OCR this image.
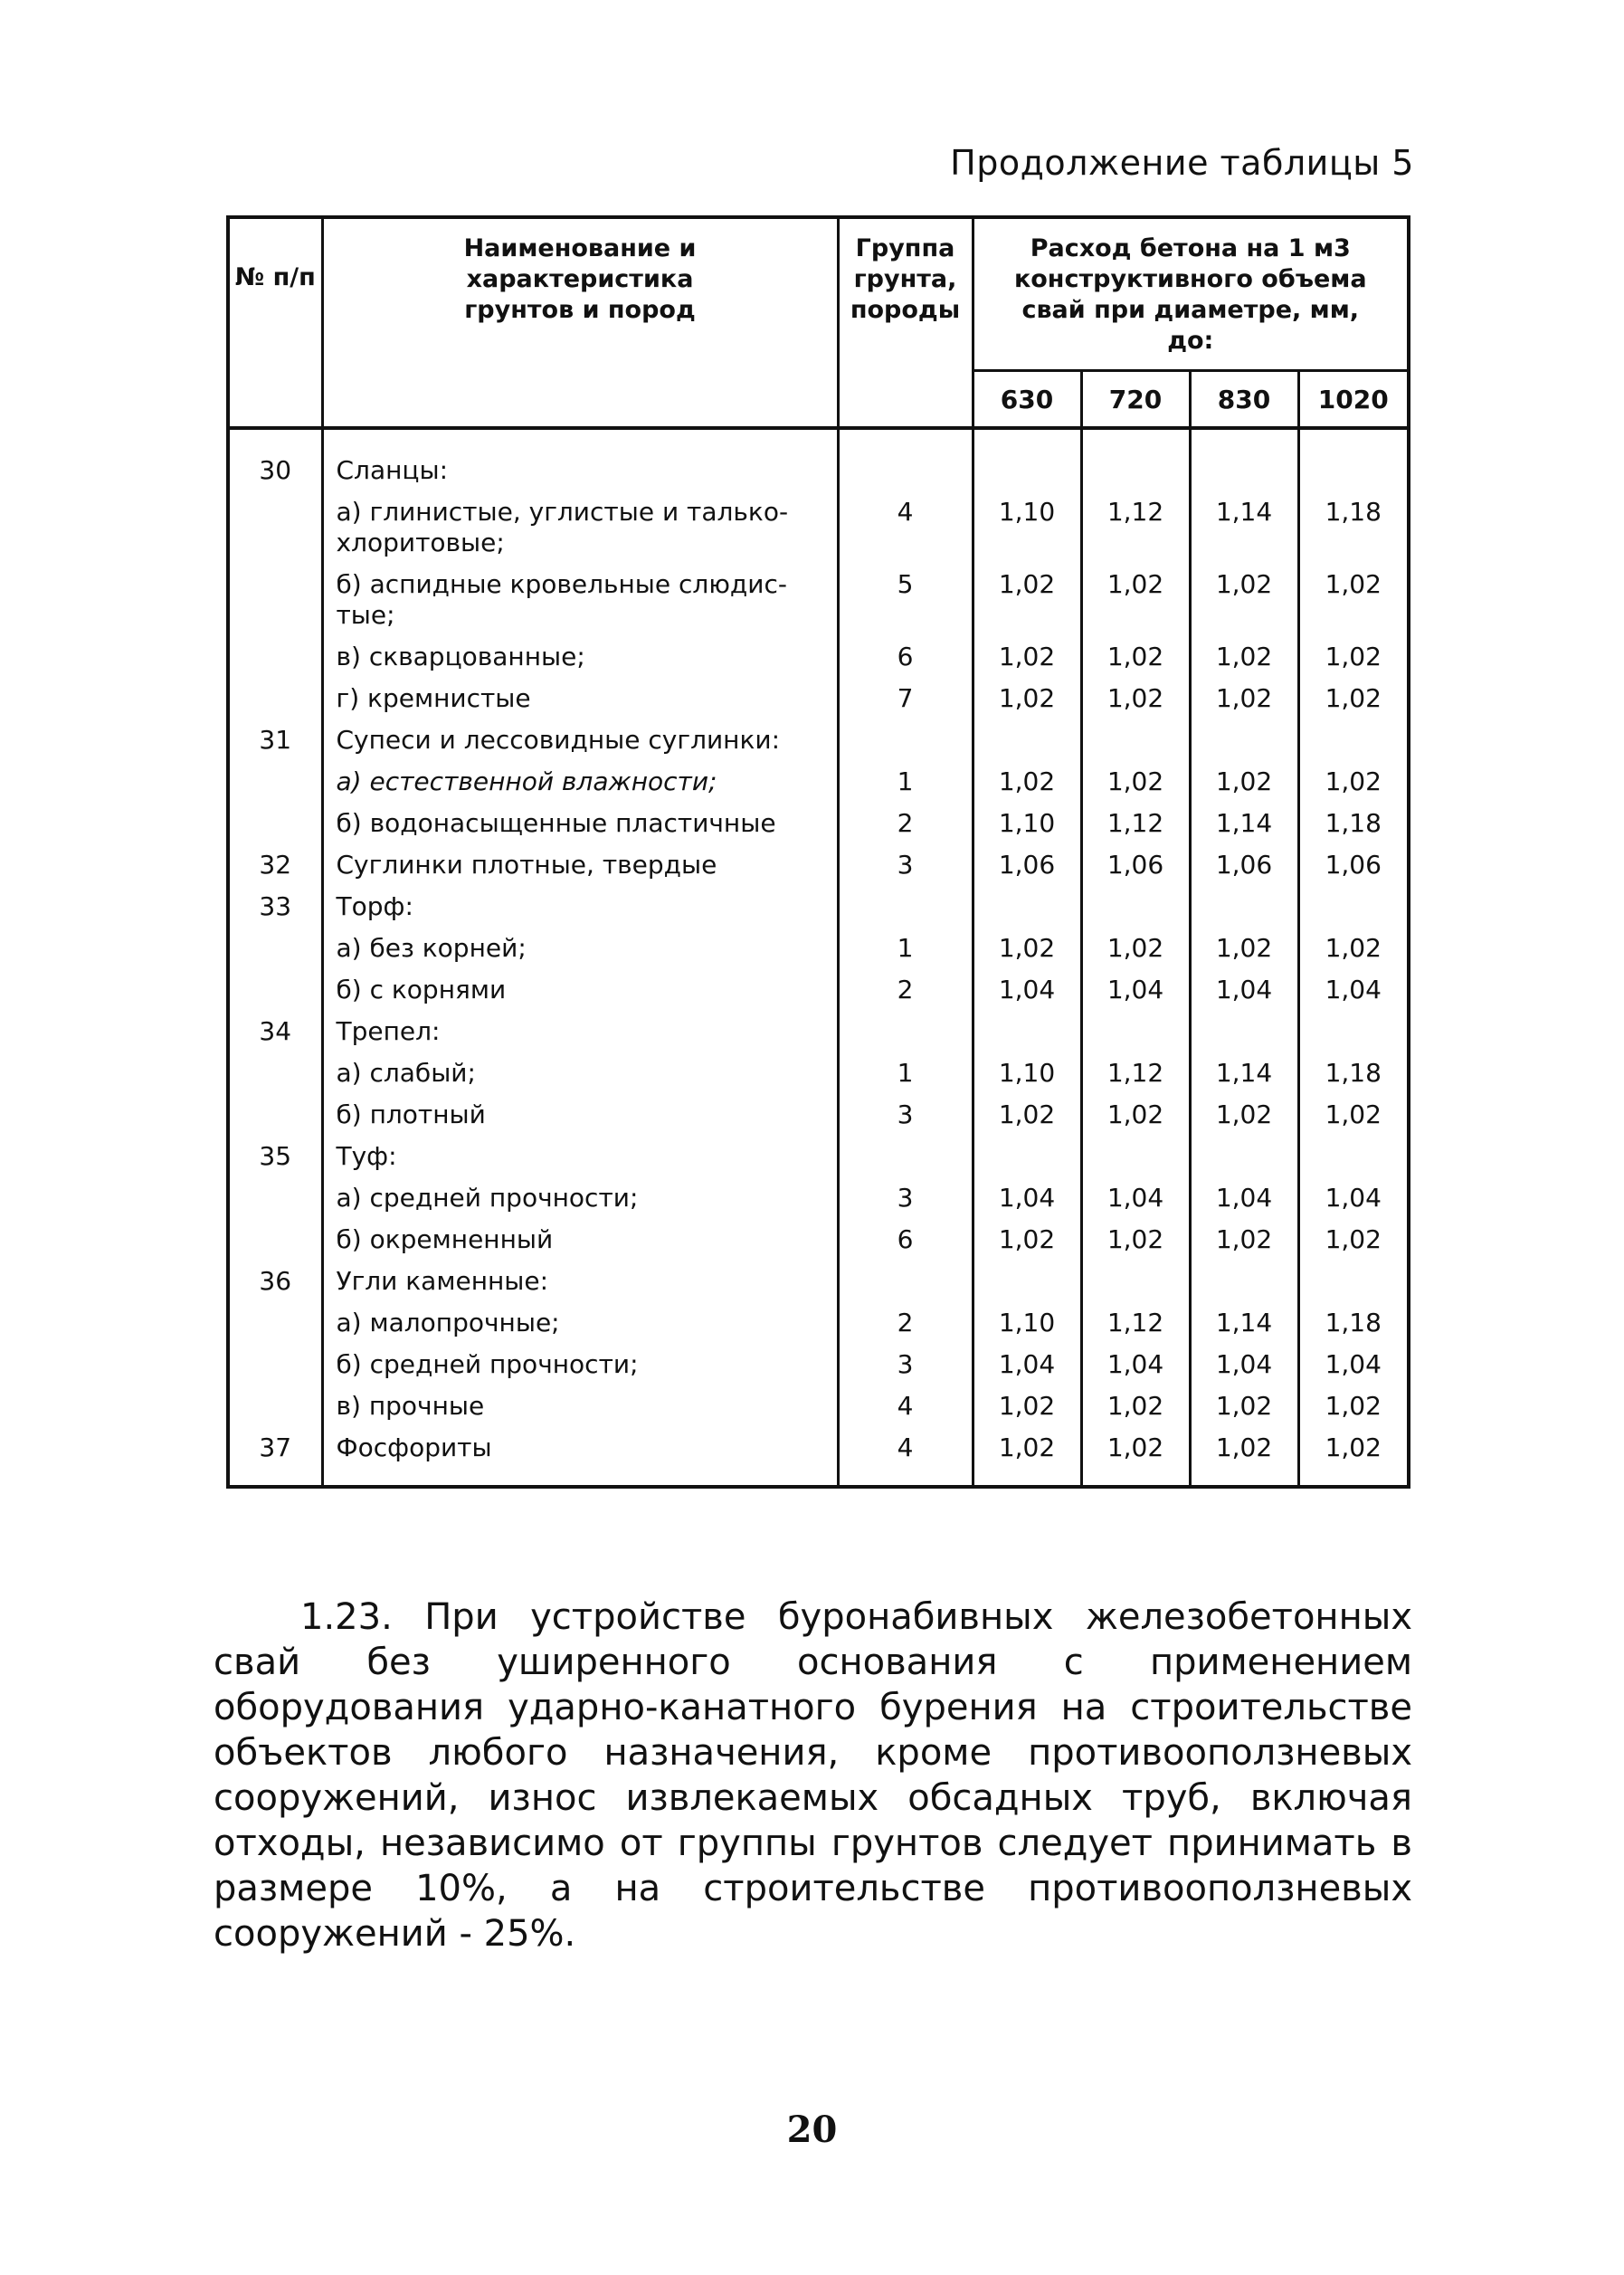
Продолжение таблицы 5
№ п/п	Наименование и характеристика грунтов и пород	Группа грунта, породы	Расход бетона на 1 м3 конструктивного объема свай при диаметре, мм, до:			
			630	720	830	1020
30	Сланцы:					
	а) глинистые, углистые и талько-хлоритовые;	4	1,10	1,12	1,14	1,18
	б) аспидные кровельные слюдис-тые;	5	1,02	1,02	1,02	1,02
	в) скварцованные;	6	1,02	1,02	1,02	1,02
	г) кремнистые	7	1,02	1,02	1,02	1,02
31	Супеси и лессовидные суглинки:					
	а) естественной влажности;	1	1,02	1,02	1,02	1,02
	б) водонасыщенные пластичные	2	1,10	1,12	1,14	1,18
32	Суглинки плотные, твердые	3	1,06	1,06	1,06	1,06
33	Торф:					
	а) без корней;	1	1,02	1,02	1,02	1,02
	б) с корнями	2	1,04	1,04	1,04	1,04
34	Трепел:					
	а) слабый;	1	1,10	1,12	1,14	1,18
	б) плотный	3	1,02	1,02	1,02	1,02
35	Туф:					
	а) средней прочности;	3	1,04	1,04	1,04	1,04
	б) окремненный	6	1,02	1,02	1,02	1,02
36	Угли каменные:					
	а) малопрочные;	2	1,10	1,12	1,14	1,18
	б) средней прочности;	3	1,04	1,04	1,04	1,04
	в) прочные	4	1,02	1,02	1,02	1,02
37	Фосфориты	4	1,02	1,02	1,02	1,02
1.23. При устройстве буронабивных железобетонных свай без уширенного основания с применением оборудования ударно-канатного бурения на строительстве объектов любого назначения, кроме противооползневых сооружений, износ извлекаемых обсадных труб, включая отходы, независимо от группы грунтов следует принимать в размере 10%, а на строительстве противооползневых сооружений - 25%.
20
